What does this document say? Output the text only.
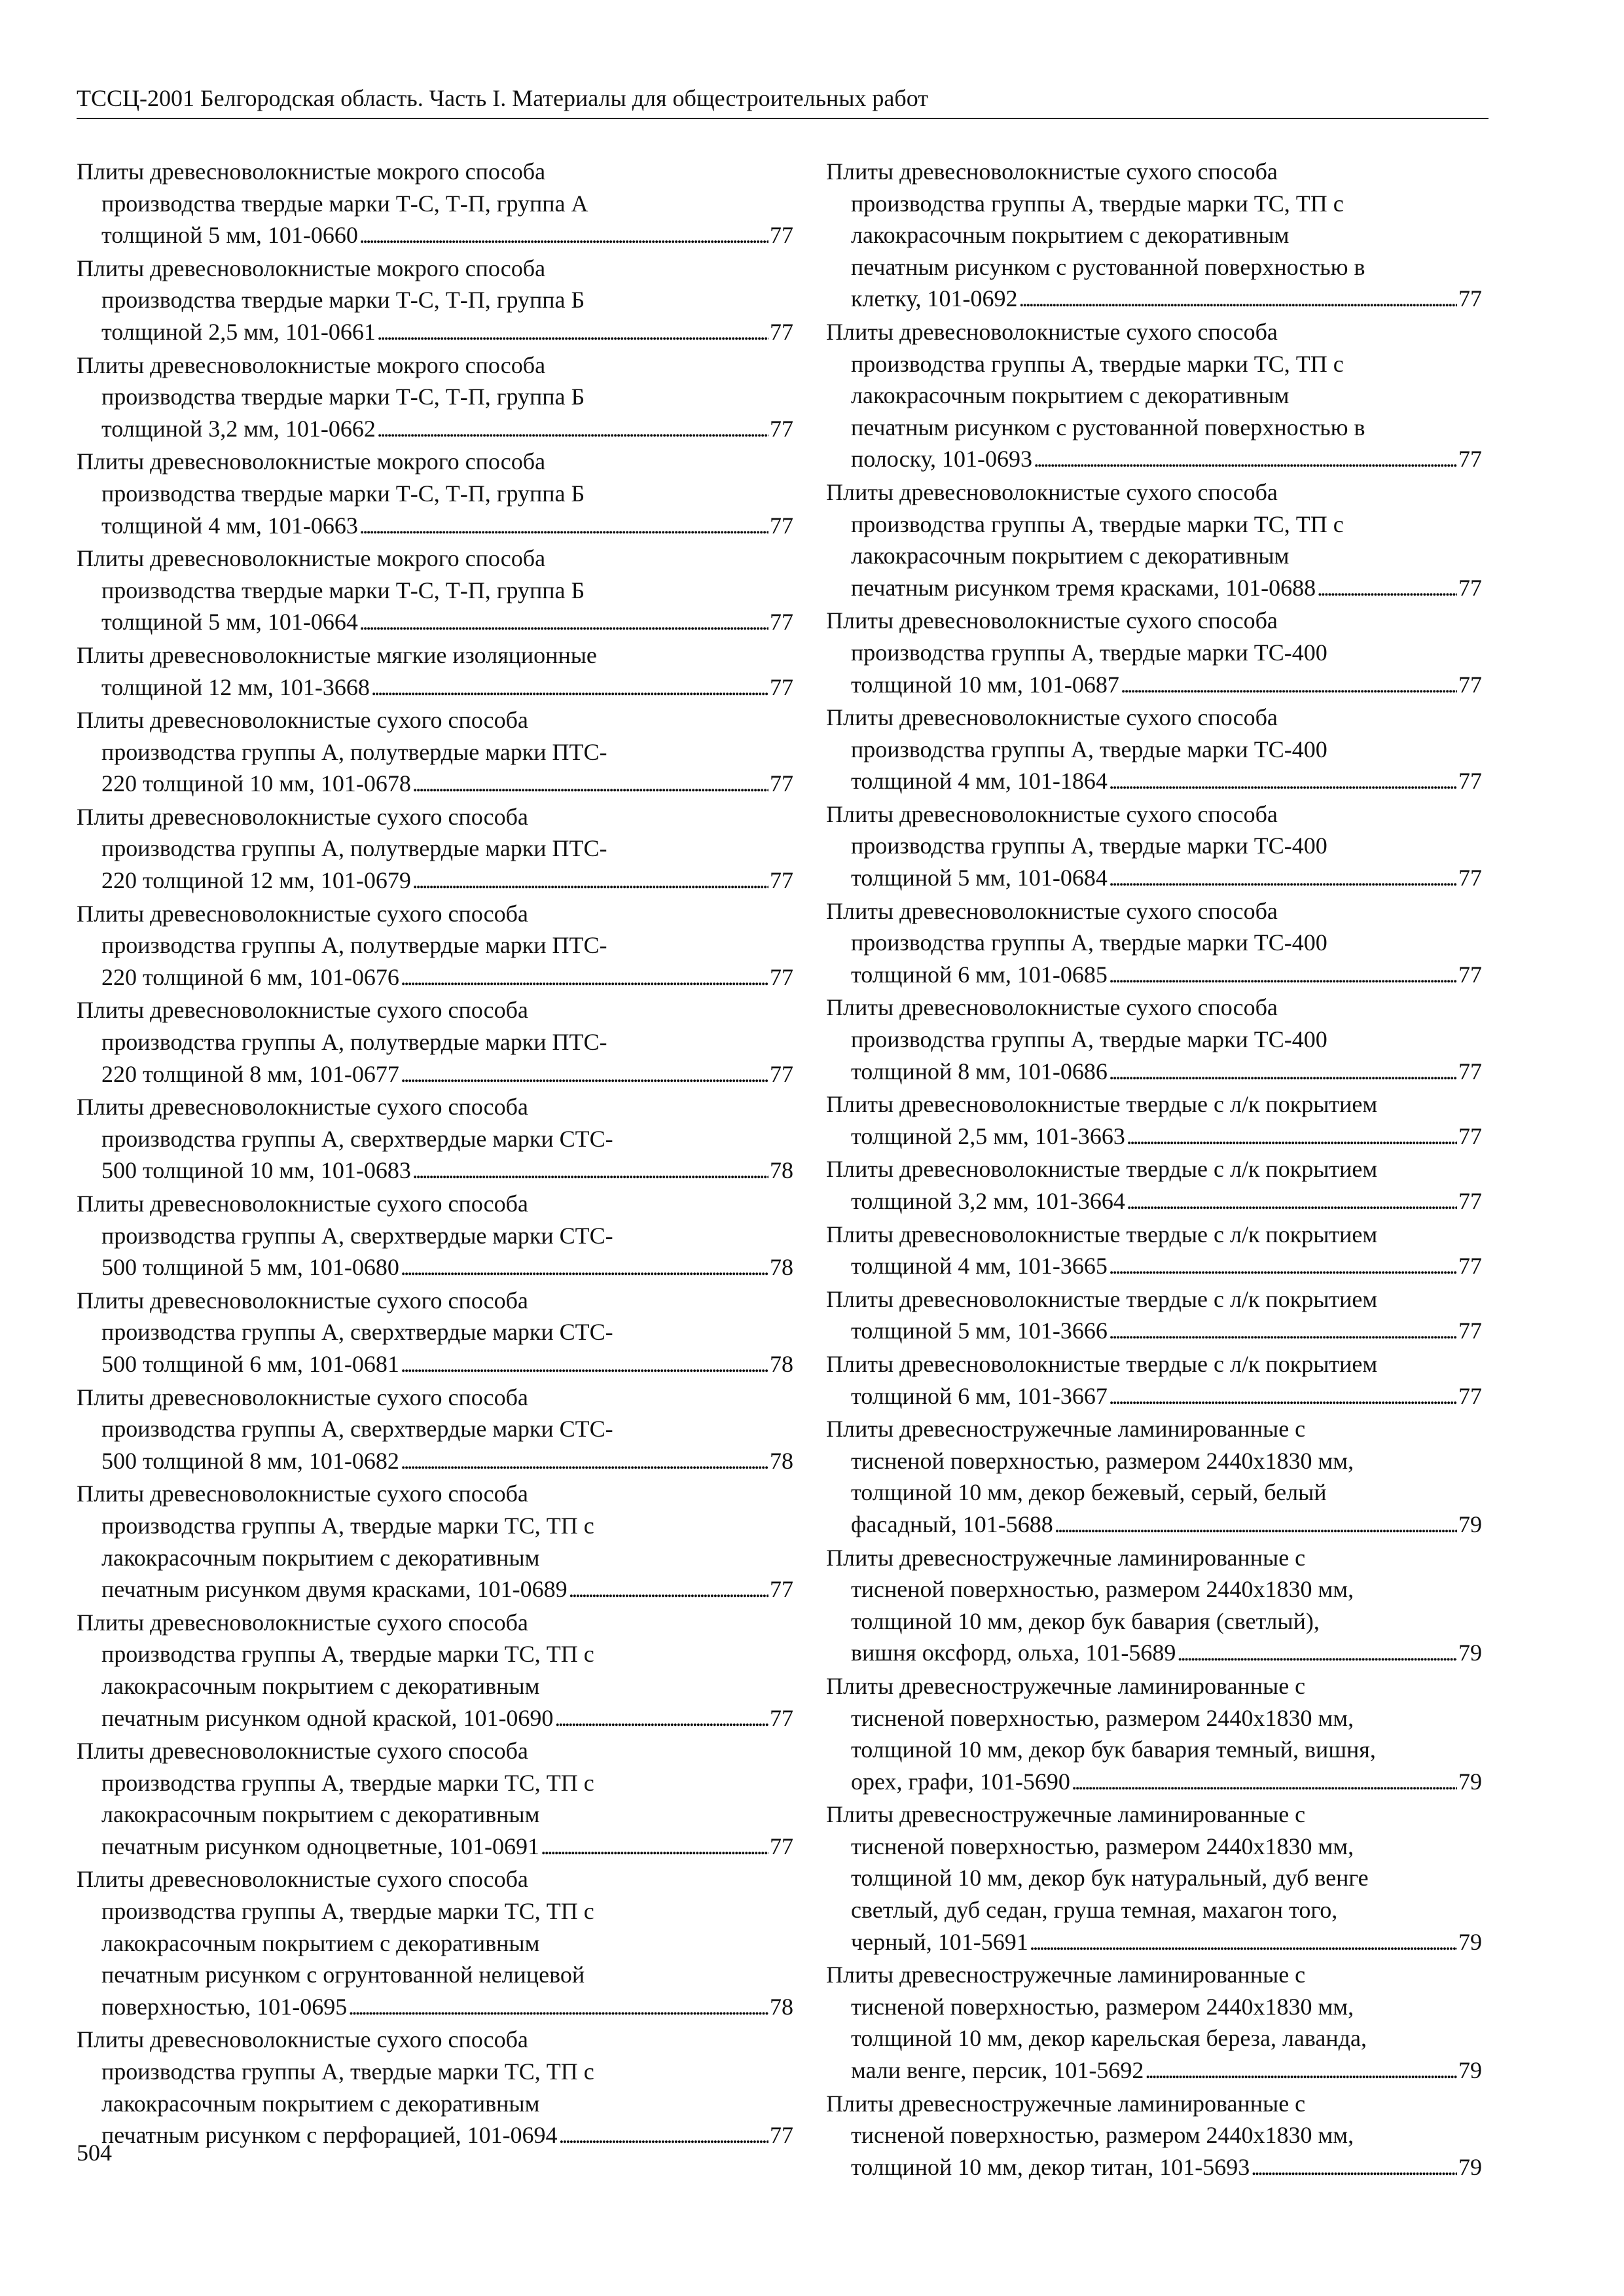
ТССЦ-2001 Белгородская область. Часть I. Материалы для общестроительных работ
Плиты древесноволокнистые мокрого способа
производства твердые марки Т-С, Т-П, группа А
толщиной 5 мм, 101-0660 . . .	77
Плиты древесноволокнистые мокрого способа
производства твердые марки Т-С, Т-П, группа Б
толщиной 2,5 мм, 101-0661 . . .	77
Плиты древесноволокнистые мокрого способа
производства твердые марки Т-С, Т-П, группа Б
толщиной 3,2 мм, 101-0662 . . .	77
Плиты древесноволокнистые мокрого способа
производства твердые марки Т-С, Т-П, группа Б
толщиной 4 мм, 101-0663 . . .	77
Плиты древесноволокнистые мокрого способа
производства твердые марки Т-С, Т-П, группа Б
толщиной 5 мм, 101-0664 . . .	77
Плиты древесноволокнистые мягкие изоляционные
толщиной 12 мм, 101-3668 . . .	77
Плиты древесноволокнистые сухого способа
производства группы А, полутвердые марки ПТС-
220 толщиной 10 мм, 101-0678 . . .	77
Плиты древесноволокнистые сухого способа
производства группы А, полутвердые марки ПТС-
220 толщиной 12 мм, 101-0679 . . .	77
Плиты древесноволокнистые сухого способа
производства группы А, полутвердые марки ПТС-
220 толщиной 6 мм, 101-0676 . . .	77
Плиты древесноволокнистые сухого способа
производства группы А, полутвердые марки ПТС-
220 толщиной 8 мм, 101-0677 . . .	77
Плиты древесноволокнистые сухого способа
производства группы А, сверхтвердые марки СТС-
500 толщиной 10 мм, 101-0683 . . .	78
Плиты древесноволокнистые сухого способа
производства группы А, сверхтвердые марки СТС-
500 толщиной 5 мм, 101-0680 . . .	78
Плиты древесноволокнистые сухого способа
производства группы А, сверхтвердые марки СТС-
500 толщиной 6 мм, 101-0681 . . .	78
Плиты древесноволокнистые сухого способа
производства группы А, сверхтвердые марки СТС-
500 толщиной 8 мм, 101-0682 . . .	78
Плиты древесноволокнистые сухого способа
производства группы А, твердые марки ТС, ТП с
лакокрасочным покрытием с декоративным
печатным рисунком двумя красками, 101-0689 . . .	77
Плиты древесноволокнистые сухого способа
производства группы А, твердые марки ТС, ТП с
лакокрасочным покрытием с декоративным
печатным рисунком одной краской, 101-0690 . . .	77
Плиты древесноволокнистые сухого способа
производства группы А, твердые марки ТС, ТП с
лакокрасочным покрытием с декоративным
печатным рисунком одноцветные, 101-0691 . . .	77
Плиты древесноволокнистые сухого способа
производства группы А, твердые марки ТС, ТП с
лакокрасочным покрытием с декоративным
печатным рисунком с огрунтованной нелицевой
поверхностью, 101-0695 . . .	78
Плиты древесноволокнистые сухого способа
производства группы А, твердые марки ТС, ТП с
лакокрасочным покрытием с декоративным
печатным рисунком с перфорацией, 101-0694 . . .	77
Плиты древесноволокнистые сухого способа
производства группы А, твердые марки ТС, ТП с
лакокрасочным покрытием с декоративным
печатным рисунком с рустованной поверхностью в
клетку, 101-0692 . . .	77
Плиты древесноволокнистые сухого способа
производства группы А, твердые марки ТС, ТП с
лакокрасочным покрытием с декоративным
печатным рисунком с рустованной поверхностью в
полоску, 101-0693 . . .	77
Плиты древесноволокнистые сухого способа
производства группы А, твердые марки ТС, ТП с
лакокрасочным покрытием с декоративным
печатным рисунком тремя красками, 101-0688 . . .	77
Плиты древесноволокнистые сухого способа
производства группы А, твердые марки ТС-400
толщиной 10 мм, 101-0687 . . .	77
Плиты древесноволокнистые сухого способа
производства группы А, твердые марки ТС-400
толщиной 4 мм, 101-1864 . . .	77
Плиты древесноволокнистые сухого способа
производства группы А, твердые марки ТС-400
толщиной 5 мм, 101-0684 . . .	77
Плиты древесноволокнистые сухого способа
производства группы А, твердые марки ТС-400
толщиной 6 мм, 101-0685 . . .	77
Плиты древесноволокнистые сухого способа
производства группы А, твердые марки ТС-400
толщиной 8 мм, 101-0686 . . .	77
Плиты древесноволокнистые твердые с л/к покрытием
толщиной 2,5 мм, 101-3663 . . .	77
Плиты древесноволокнистые твердые с л/к покрытием
толщиной 3,2 мм, 101-3664 . . .	77
Плиты древесноволокнистые твердые с л/к покрытием
толщиной 4 мм, 101-3665 . . .	77
Плиты древесноволокнистые твердые с л/к покрытием
толщиной 5 мм, 101-3666 . . .	77
Плиты древесноволокнистые твердые с л/к покрытием
толщиной 6 мм, 101-3667 . . .	77
Плиты древесностружечные ламинированные с
тисненой поверхностью, размером 2440х1830 мм,
толщиной 10 мм, декор бежевый, серый, белый
фасадный, 101-5688 . . .	79
Плиты древесностружечные ламинированные с
тисненой поверхностью, размером 2440х1830 мм,
толщиной 10 мм, декор бук бавария (светлый),
вишня оксфорд, ольха, 101-5689 . . .	79
Плиты древесностружечные ламинированные с
тисненой поверхностью, размером 2440х1830 мм,
толщиной 10 мм, декор бук бавария темный, вишня,
орех, графи, 101-5690 . . .	79
Плиты древесностружечные ламинированные с
тисненой поверхностью, размером 2440х1830 мм,
толщиной 10 мм, декор бук натуральный, дуб венге
светлый, дуб седан, груша темная, махагон того,
черный, 101-5691 . . .	79
Плиты древесностружечные ламинированные с
тисненой поверхностью, размером 2440х1830 мм,
толщиной 10 мм, декор карельская береза, лаванда,
мали венге, персик, 101-5692 . . .	79
Плиты древесностружечные ламинированные с
тисненой поверхностью, размером 2440х1830 мм,
толщиной 10 мм, декор титан, 101-5693 . . .	79
504
